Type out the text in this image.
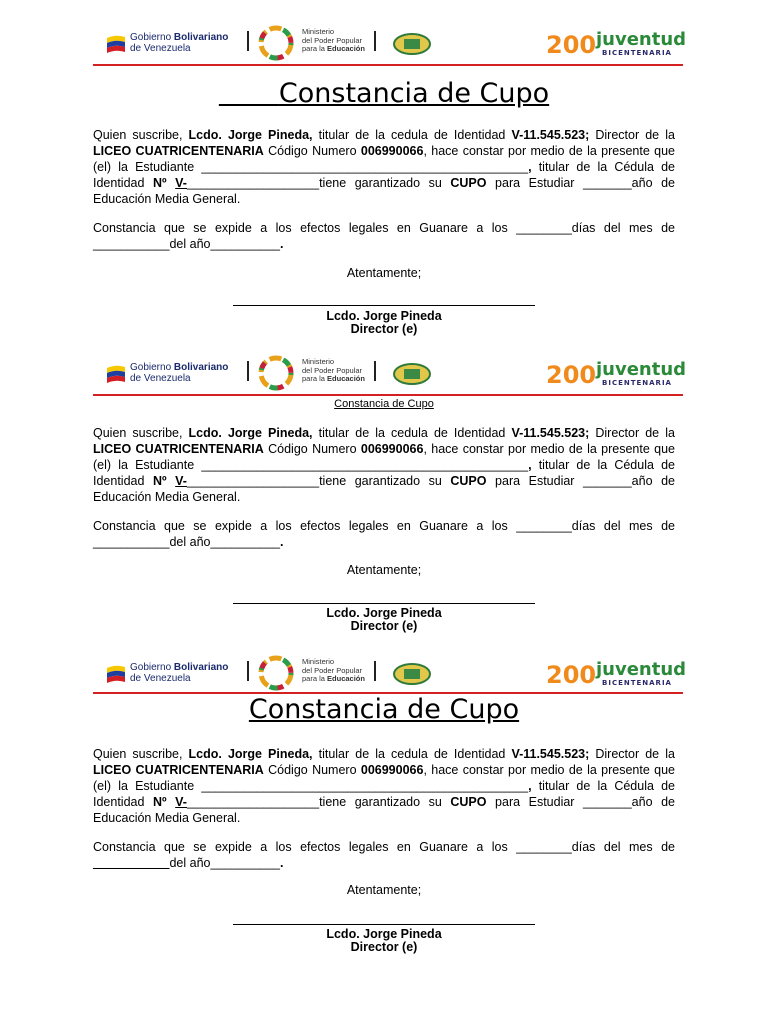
Gobierno Bolivariano
de Venezuela
Ministerio
del Poder Popular
para la Educación	200 juventud
BICENTENARIA
Constancia de Cupo

Quien suscribe, Lcdo. Jorge Pineda, titular de la cedula de Identidad V-11.545.523; Director de la LICEO CUATRICENTENARIA Código Numero 006990066, hace constar por medio de la presente que (el) la Estudiante _______________________________________________, titular de la Cédula de Identidad Nº V-___________________tiene garantizado su CUPO para Estudiar _______año de Educación Media General.

Constancia que se expide a los efectos legales en Guanare a los ________días del mes de ___________del año__________.

Atentamente;
Lcdo. Jorge Pineda
Director (e)
Gobierno Bolivariano
de Venezuela
Ministerio
del Poder Popular
para la Educación	200 juventud
BICENTENARIA
Constancia de Cupo

Quien suscribe, Lcdo. Jorge Pineda, titular de la cedula de Identidad V-11.545.523; Director de la LICEO CUATRICENTENARIA Código Numero 006990066, hace constar por medio de la presente que (el) la Estudiante _______________________________________________, titular de la Cédula de Identidad Nº V-___________________tiene garantizado su CUPO para Estudiar _______año de Educación Media General.

Constancia que se expide a los efectos legales en Guanare a los ________días del mes de ___________del año__________.

Atentamente;
Lcdo. Jorge Pineda
Director (e)
Gobierno Bolivariano
de Venezuela
Ministerio
del Poder Popular
para la Educación	200 juventud
BICENTENARIA
Constancia de Cupo

Quien suscribe, Lcdo. Jorge Pineda, titular de la cedula de Identidad V-11.545.523; Director de la LICEO CUATRICENTENARIA Código Numero 006990066, hace constar por medio de la presente que (el) la Estudiante _______________________________________________, titular de la Cédula de Identidad Nº V-___________________tiene garantizado su CUPO para Estudiar _______año de Educación Media General.

Constancia que se expide a los efectos legales en Guanare a los ________días del mes de ___________del año__________.

Atentamente;
Lcdo. Jorge Pineda
Director (e)
